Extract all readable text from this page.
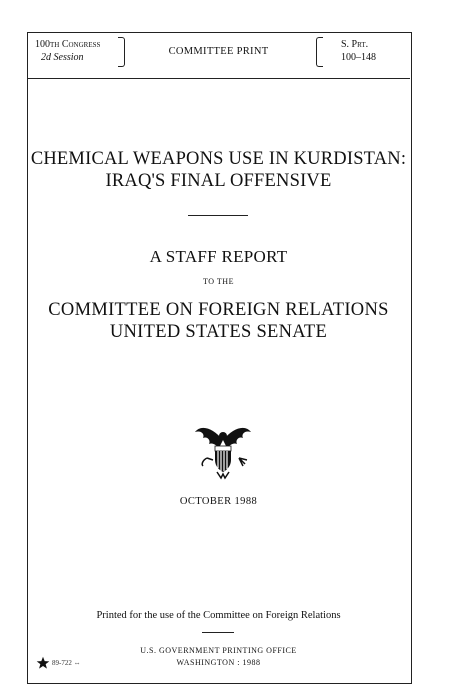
100th Congress
2d Session
COMMITTEE PRINT
S. Prt.
100–148
CHEMICAL WEAPONS USE IN KURDISTAN:
IRAQ'S FINAL OFFENSIVE
A STAFF REPORT
TO THE
COMMITTEE ON FOREIGN RELATIONS
UNITED STATES SENATE
OCTOBER 1988
Printed for the use of the Committee on Foreign Relations
U.S. GOVERNMENT PRINTING OFFICE
WASHINGTON : 1988
89-722 ⇔
